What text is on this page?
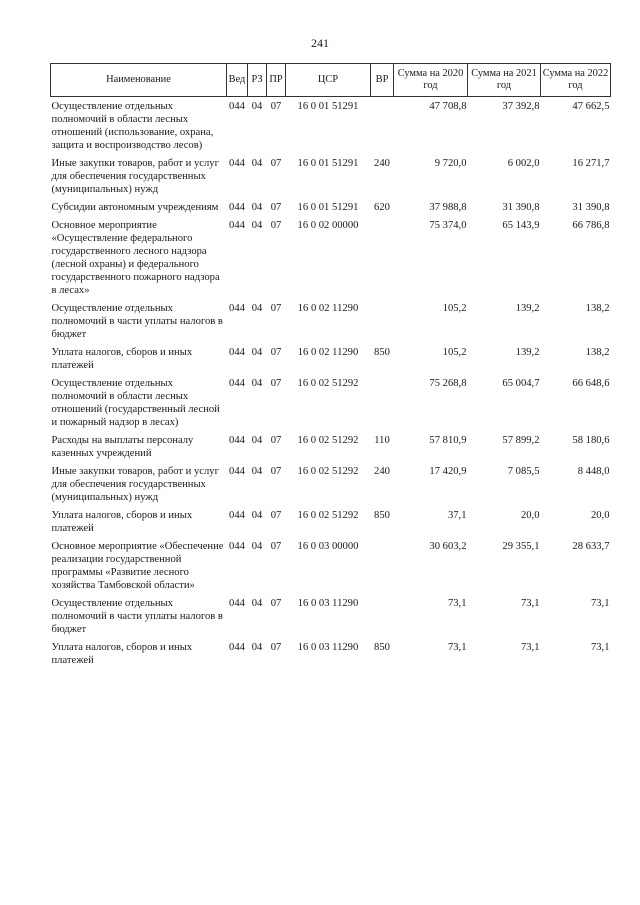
241
Наименование	Вед	РЗ	ПР	ЦСР	ВР	Сумма на 2020 год	Сумма на 2021 год	Сумма на 2022 год
Осуществление отдельных полномочий в области лесных отношений (использование, охрана, защита и воспроизводство лесов)	044	04	07	16 0 01 51291		47 708,8	37 392,8	47 662,5
Иные закупки товаров, работ и услуг для обеспечения государственных (муниципальных) нужд	044	04	07	16 0 01 51291	240	9 720,0	6 002,0	16 271,7
Субсидии автономным учреждениям	044	04	07	16 0 01 51291	620	37 988,8	31 390,8	31 390,8
Основное мероприятие «Осуществление федерального государственного лесного надзора (лесной охраны) и федерального государственного пожарного надзора в лесах»	044	04	07	16 0 02 00000		75 374,0	65 143,9	66 786,8
Осуществление отдельных полномочий в части уплаты налогов в бюджет	044	04	07	16 0 02 11290		105,2	139,2	138,2
Уплата налогов, сборов и иных платежей	044	04	07	16 0 02 11290	850	105,2	139,2	138,2
Осуществление отдельных полномочий в области лесных отношений (государственный лесной и пожарный надзор в лесах)	044	04	07	16 0 02 51292		75 268,8	65 004,7	66 648,6
Расходы на выплаты персоналу казенных учреждений	044	04	07	16 0 02 51292	110	57 810,9	57 899,2	58 180,6
Иные закупки товаров, работ и услуг для обеспечения государственных (муниципальных) нужд	044	04	07	16 0 02 51292	240	17 420,9	7 085,5	8 448,0
Уплата налогов, сборов и иных платежей	044	04	07	16 0 02 51292	850	37,1	20,0	20,0
Основное мероприятие «Обеспечение реализации государственной программы «Развитие лесного хозяйства Тамбовской области»	044	04	07	16 0 03 00000		30 603,2	29 355,1	28 633,7
Осуществление отдельных полномочий в части уплаты налогов в бюджет	044	04	07	16 0 03 11290		73,1	73,1	73,1
Уплата налогов, сборов и иных платежей	044	04	07	16 0 03 11290	850	73,1	73,1	73,1
